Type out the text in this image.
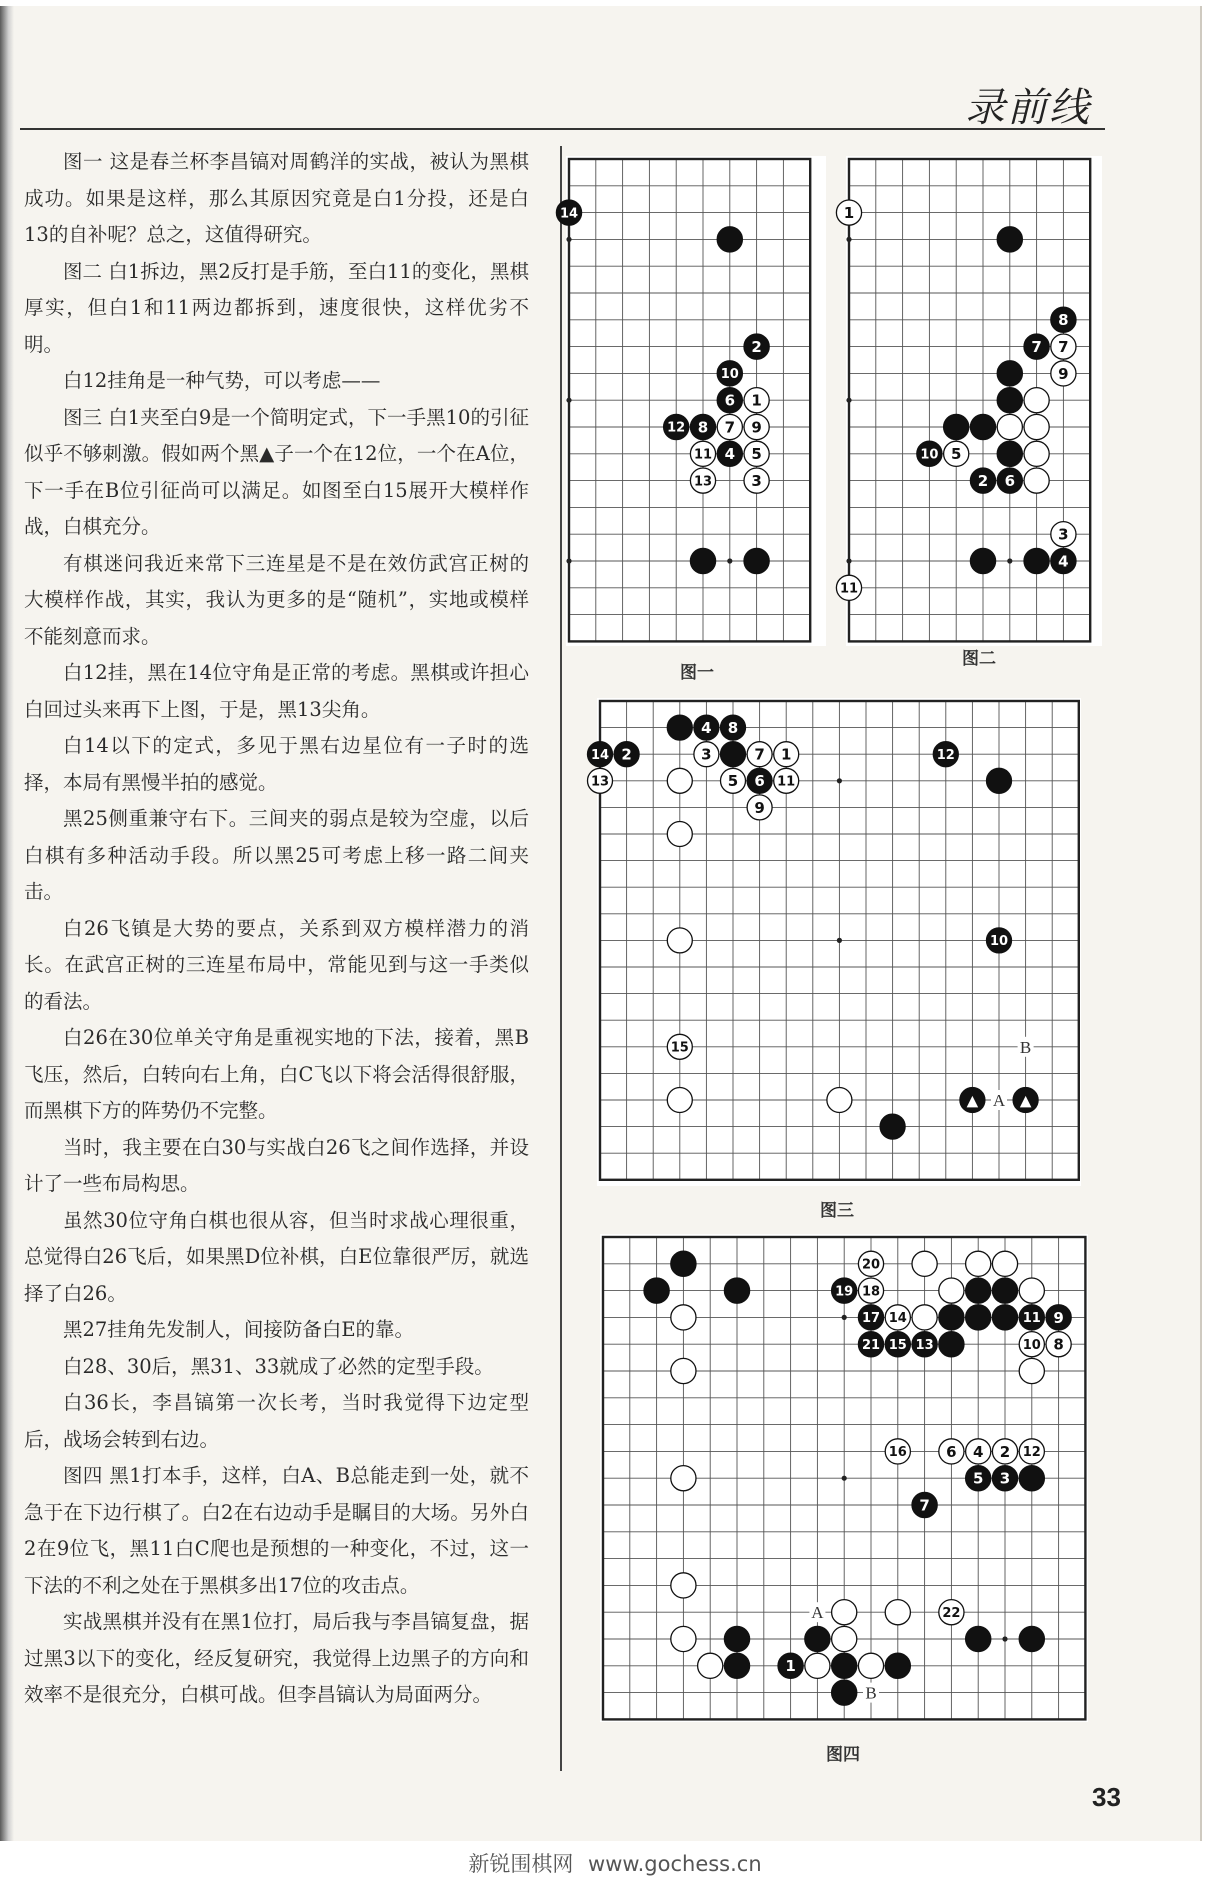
录前线

图一 这是春兰杯李昌镐对周鹤洋的实战，被认为黑棋成功。如果是这样，那么其原因究竟是白1分投，还是白13的自补呢？总之，这值得研究。

图二 白1拆边，黑2反打是手筋，至白11的变化，黑棋厚实，但白1和11两边都拆到，速度很快，这样优劣不明。

白12挂角是一种气势，可以考虑——

图三 白1夹至白9是一个简明定式，下一手黑10的引征似乎不够刺激。假如两个黑▲子一个在12位，一个在A位，下一手在B位引征尚可以满足。如图至白15展开大模样作战，白棋充分。

有棋迷问我近来常下三连星是不是在效仿武宫正树的大模样作战，其实，我认为更多的是“随机”，实地或模样不能刻意而求。

白12挂，黑在14位守角是正常的考虑。黑棋或许担心白回过头来再下上图，于是，黑13尖角。

白14以下的定式，多见于黑右边星位有一子时的选择，本局有黑慢半拍的感觉。

黑25侧重兼守右下。三间夹的弱点是较为空虚，以后白棋有多种活动手段。所以黑25可考虑上移一路二间夹击。

白26飞镇是大势的要点，关系到双方模样潜力的消长。在武宫正树的三连星布局中，常能见到与这一手类似的看法。

白26在30位单关守角是重视实地的下法，接着，黑B飞压，然后，白转向右上角，白C飞以下将会活得很舒服，而黑棋下方的阵势仍不完整。

当时，我主要在白30与实战白26飞之间作选择，并设计了一些布局构思。

虽然30位守角白棋也很从容，但当时求战心理很重，总觉得白26飞后，如果黑D位补棋，白E位靠很严厉，就选择了白26。

黑27挂角先发制人，间接防备白E的靠。

白28、30后，黑31、33就成了必然的定型手段。

白36长，李昌镐第一次长考，当时我觉得下边定型后，战场会转到右边。

图四 黑1打本手，这样，白A、B总能走到一处，就不急于在下边行棋了。白2在右边动手是瞩目的大场。另外白2在9位飞，黑11白C爬也是预想的一种变化，不过，这一下法的不利之处在于黑棋多出17位的攻击点。

实战黑棋并没有在黑1位打，局后我与李昌镐复盘，据过黑3以下的变化，经反复研究，我觉得上边黑子的方向和效率不是很充分，白棋可战。但李昌镐认为局面两分。

14
2
10
6 1
12 8 7 9
11 4 5
13	3
图一
1
8
7 7
9
10 5
2 6
3
4
11
图二
A
B
4 8
14 2	3	7 1	12
13	5 6 11
9
10
15
▲	▲
图三
A
B
20
19 18
17 14	11 9
21 15 13	10 8
16	6 4 2 12
5 3
7
22
1
图四
33
新锐围棋网 www.gochess.cn
